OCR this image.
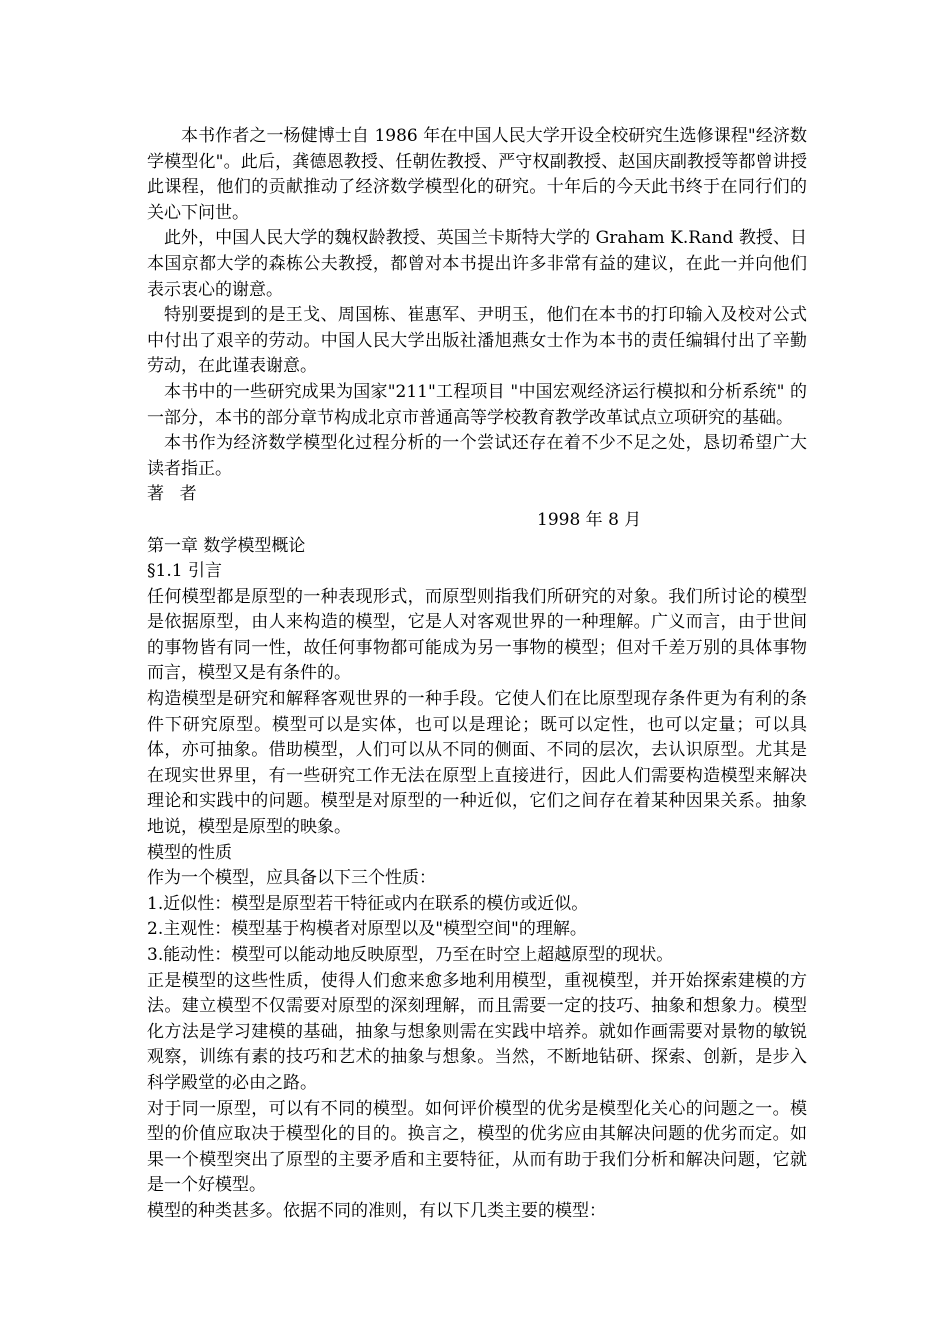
本书作者之一杨健博士自 1986 年在中国人民大学开设全校研究生选修课程"经济数学模型化"。此后，龚德恩教授、任朝佐教授、严守权副教授、赵国庆副教授等都曾讲授此课程，他们的贡献推动了经济数学模型化的研究。十年后的今天此书终于在同行们的关心下问世。

此外，中国人民大学的魏权龄教授、英国兰卡斯特大学的 Graham K.Rand 教授、日本国京都大学的森栋公夫教授，都曾对本书提出许多非常有益的建议，在此一并向他们表示衷心的谢意。

特别要提到的是王戈、周国栋、崔惠军、尹明玉，他们在本书的打印输入及校对公式中付出了艰辛的劳动。中国人民大学出版社潘旭燕女士作为本书的责任编辑付出了辛勤劳动，在此谨表谢意。

本书中的一些研究成果为国家"211"工程项目 "中国宏观经济运行模拟和分析系统" 的一部分，本书的部分章节构成北京市普通高等学校教育教学改革试点立项研究的基础。

本书作为经济数学模型化过程分析的一个尝试还存在着不少不足之处，恳切希望广大读者指正。

著 者

1998 年 8 月

第一章 数学模型概论

§1.1 引言

任何模型都是原型的一种表现形式，而原型则指我们所研究的对象。我们所讨论的模型是依据原型，由人来构造的模型，它是人对客观世界的一种理解。广义而言，由于世间的事物皆有同一性，故任何事物都可能成为另一事物的模型；但对千差万别的具体事物而言，模型又是有条件的。

构造模型是研究和解释客观世界的一种手段。它使人们在比原型现存条件更为有利的条件下研究原型。模型可以是实体，也可以是理论；既可以定性，也可以定量；可以具体，亦可抽象。借助模型，人们可以从不同的侧面、不同的层次，去认识原型。尤其是在现实世界里，有一些研究工作无法在原型上直接进行，因此人们需要构造模型来解决理论和实践中的问题。模型是对原型的一种近似，它们之间存在着某种因果关系。抽象地说，模型是原型的映象。

模型的性质

作为一个模型，应具备以下三个性质：

1.近似性：模型是原型若干特征或内在联系的模仿或近似。

2.主观性：模型基于构模者对原型以及"模型空间"的理解。

3.能动性：模型可以能动地反映原型，乃至在时空上超越原型的现状。

正是模型的这些性质，使得人们愈来愈多地利用模型，重视模型，并开始探索建模的方法。建立模型不仅需要对原型的深刻理解，而且需要一定的技巧、抽象和想象力。模型化方法是学习建模的基础，抽象与想象则需在实践中培养。就如作画需要对景物的敏锐观察，训练有素的技巧和艺术的抽象与想象。当然，不断地钻研、探索、创新，是步入科学殿堂的必由之路。

对于同一原型，可以有不同的模型。如何评价模型的优劣是模型化关心的问题之一。模型的价值应取决于模型化的目的。换言之，模型的优劣应由其解决问题的优劣而定。如果一个模型突出了原型的主要矛盾和主要特征，从而有助于我们分析和解决问题，它就是一个好模型。

模型的种类甚多。依据不同的准则，有以下几类主要的模型：
